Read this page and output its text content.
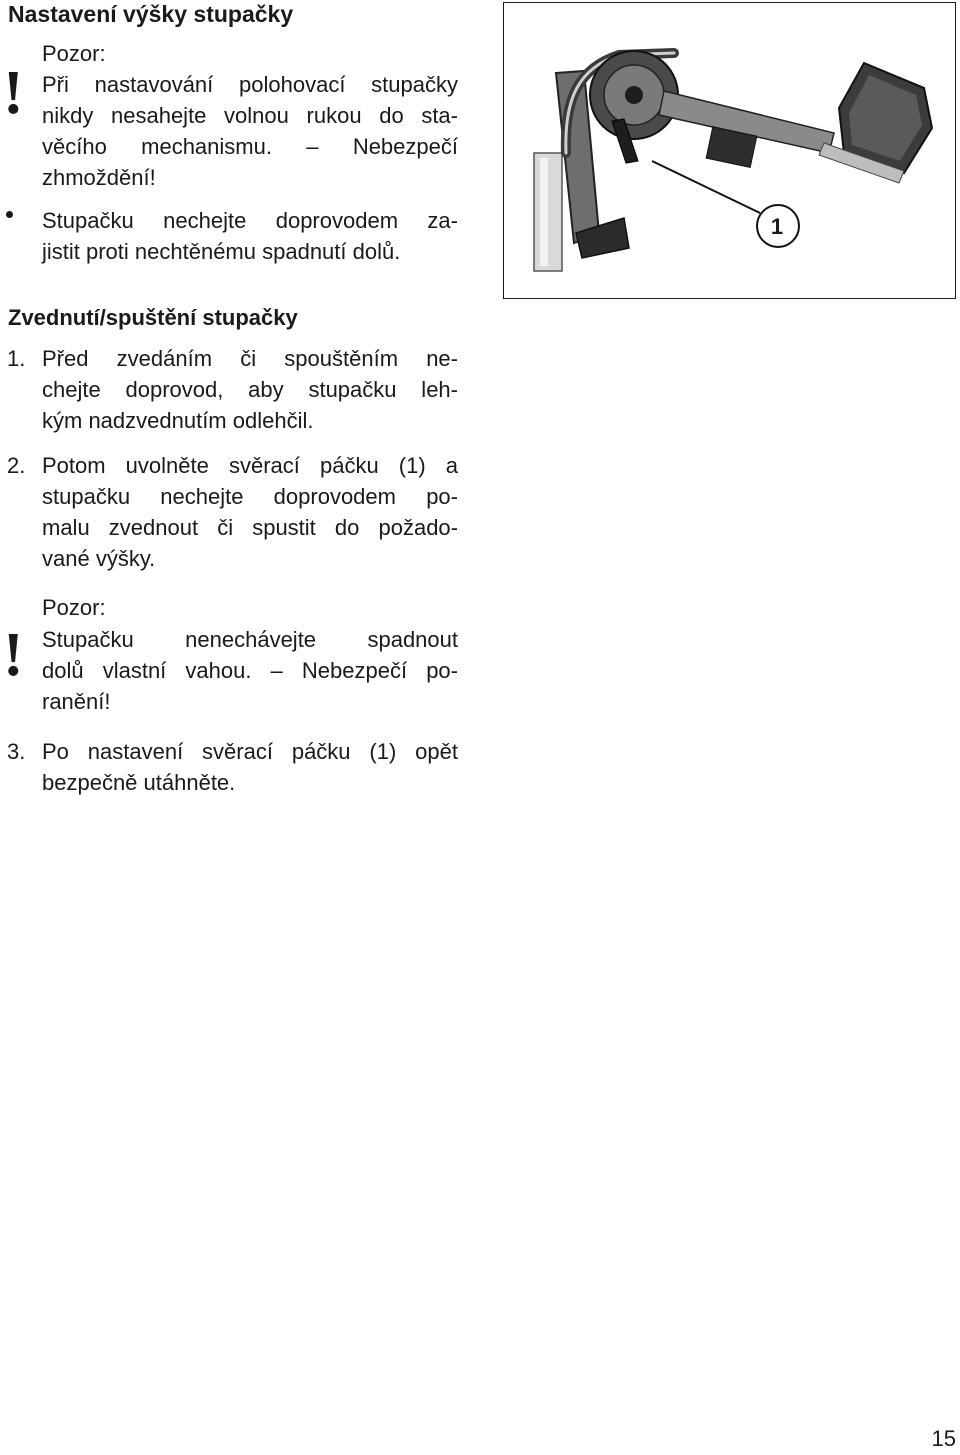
Nastavení výšky stupačky
!
Pozor:
Při nastavování polohovací stupačky
nikdy nesahejte volnou rukou do sta-
věcího mechanismu. – Nebezpečí
zhmoždění!
Stupačku nechejte doprovodem za-
jistit proti nechtěnému spadnutí dolů.
Zvednutí/spuštění stupačky
1. Před zvedáním či spouštěním ne-
chejte doprovod, aby stupačku leh-
kým nadzvednutím odlehčil.
2. Potom uvolněte svěrací páčku (1) a
stupačku nechejte doprovodem po-
malu zvednout či spustit do požado-
vané výšky.
!
Pozor:
Stupačku nenechávejte spadnout
dolů vlastní vahou. – Nebezpečí po-
ranění!
3. Po nastavení svěrací páčku (1) opět
bezpečně utáhněte.
1
15
